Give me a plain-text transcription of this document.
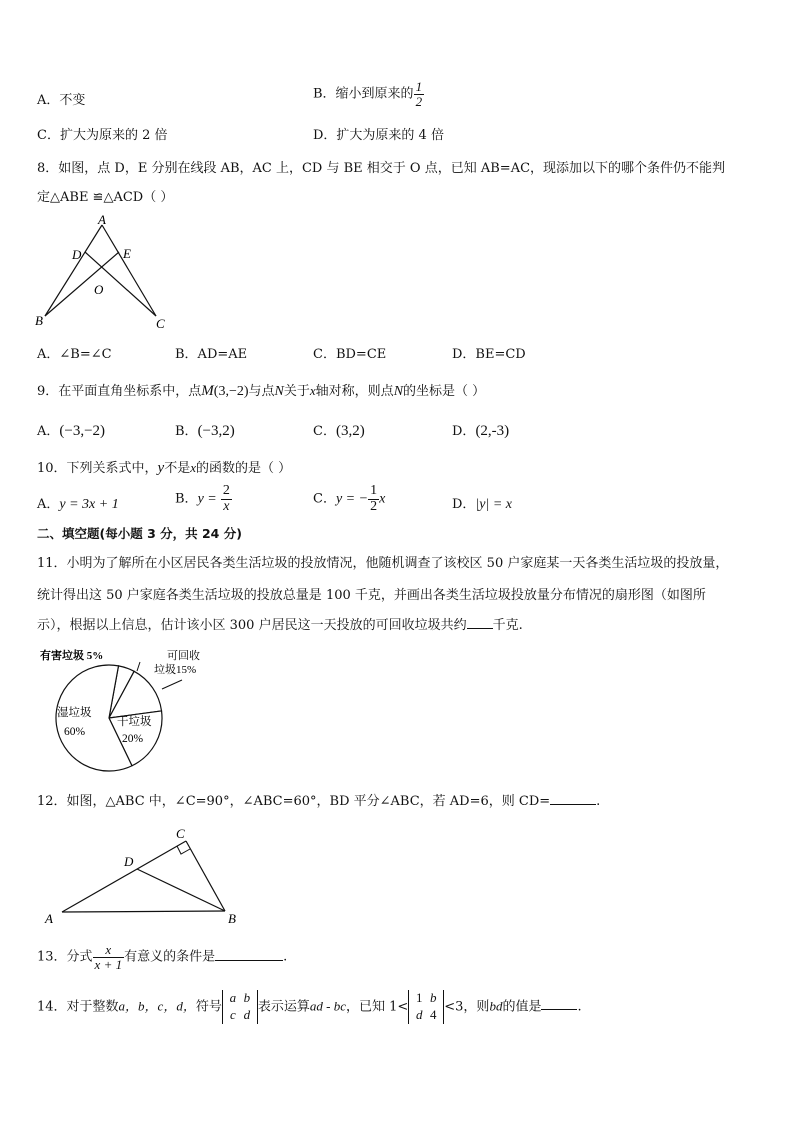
A．不变	B．缩小到原来的 $\frac{1}{2}$
C．扩大为原来的 2 倍	D．扩大为原来的 4 倍
8．如图，点 D，E 分别在线段 AB，AC 上，CD 与 BE 相交于 O 点，已知 AB=AC，现添加以下的哪个条件仍不能判
定△ABE ≌△ACD（ ）
A
B	C
D	E
O
A．∠B=∠C	B．AD=AE	C．BD=CE	D．BE=CD
9．在平面直角坐标系中，点M(3,−2)与点N关于x轴对称，则点N的坐标是（ ）
A．(−3,−2)	B．(−3,2)	C．(3,2)	D．(2,-3)
10．下列关系式中，y不是x的函数的是（ ）
A．y = 3x + 1	B．$y = \frac{2}{x}$	C．y = − $\frac{1}{2}$ x	D．|y| = x
二、填空题(每小题 3 分，共 24 分)
11．小明为了解所在小区居民各类生活垃圾的投放情况，他随机调查了该校区 50 户家庭某一天各类生活垃圾的投放量，
统计得出这 50 户家庭各类生活垃圾的投放总量是 100 千克，并画出各类生活垃圾投放量分布情况的扇形图（如图所
示），根据以上信息，估计该小区 300 户居民这一天投放的可回收垃圾共约 千克.
有害垃圾 5%	可回收
垃圾15%
湿垃圾
60%
干垃圾
20%
12．如图，△ABC 中，∠C=90°，∠ABC=60°，BD 平分∠ABC，若 AD=6，则 CD=	.
A	B
C
D
13．分式 $\frac{x}{x + 1}$ 有意义的条件是	.
14．对于整数a，b，c，d，符号a b
c d 表示运算ad - bc，已知 1<1 b
d 4 <3，则bd的值是	.
